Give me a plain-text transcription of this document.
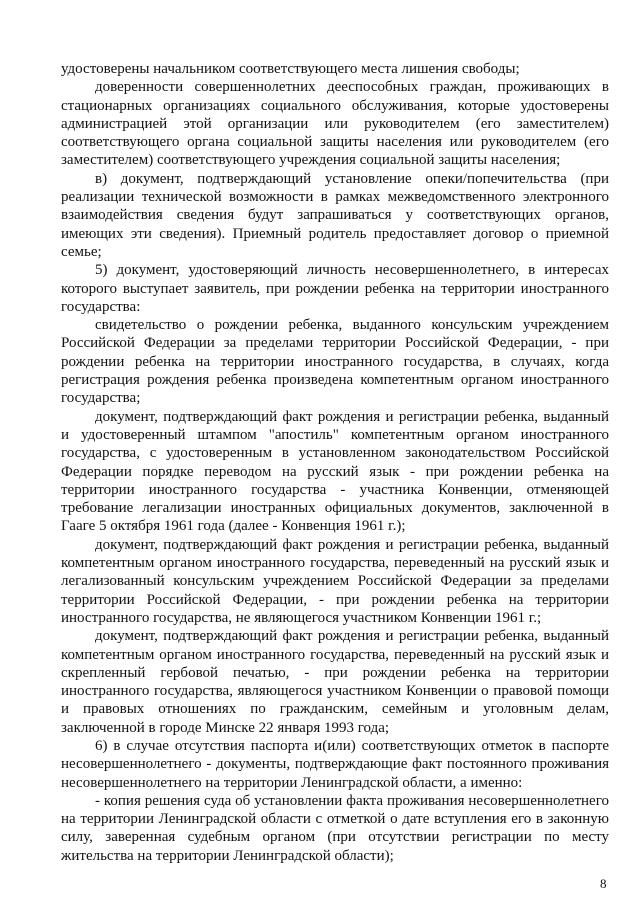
удостоверены начальником соответствующего места лишения свободы;

доверенности совершеннолетних дееспособных граждан, проживающих в стационарных организациях социального обслуживания, которые удостоверены администрацией этой организации или руководителем (его заместителем) соответствующего органа социальной защиты населения или руководителем (его заместителем) соответствующего учреждения социальной защиты населения;

в) документ, подтверждающий установление опеки/попечительства (при реализации технической возможности в рамках межведомственного электронного взаимодействия сведения будут запрашиваться у соответствующих органов, имеющих эти сведения). Приемный родитель предоставляет договор о приемной семье;

5) документ, удостоверяющий личность несовершеннолетнего, в интересах которого выступает заявитель, при рождении ребенка на территории иностранного государства:

свидетельство о рождении ребенка, выданного консульским учреждением Российской Федерации за пределами территории Российской Федерации, - при рождении ребенка на территории иностранного государства, в случаях, когда регистрация рождения ребенка произведена компетентным органом иностранного государства;

документ, подтверждающий факт рождения и регистрации ребенка, выданный и удостоверенный штампом "апостиль" компетентным органом иностранного государства, с удостоверенным в установленном законодательством Российской Федерации порядке переводом на русский язык - при рождении ребенка на территории иностранного государства - участника Конвенции, отменяющей требование легализации иностранных официальных документов, заключенной в Гааге 5 октября 1961 года (далее - Конвенция 1961 г.);

документ, подтверждающий факт рождения и регистрации ребенка, выданный компетентным органом иностранного государства, переведенный на русский язык и легализованный консульским учреждением Российской Федерации за пределами территории Российской Федерации, - при рождении ребенка на территории иностранного государства, не являющегося участником Конвенции 1961 г.;

документ, подтверждающий факт рождения и регистрации ребенка, выданный компетентным органом иностранного государства, переведенный на русский язык и скрепленный гербовой печатью, - при рождении ребенка на территории иностранного государства, являющегося участником Конвенции о правовой помощи и правовых отношениях по гражданским, семейным и уголовным делам, заключенной в городе Минске 22 января 1993 года;

6) в случае отсутствия паспорта и(или) соответствующих отметок в паспорте несовершеннолетнего - документы, подтверждающие факт постоянного проживания несовершеннолетнего на территории Ленинградской области, а именно:

- копия решения суда об установлении факта проживания несовершеннолетнего на территории Ленинградской области с отметкой о дате вступления его в законную силу, заверенная судебным органом (при отсутствии регистрации по месту жительства на территории Ленинградской области);

8
